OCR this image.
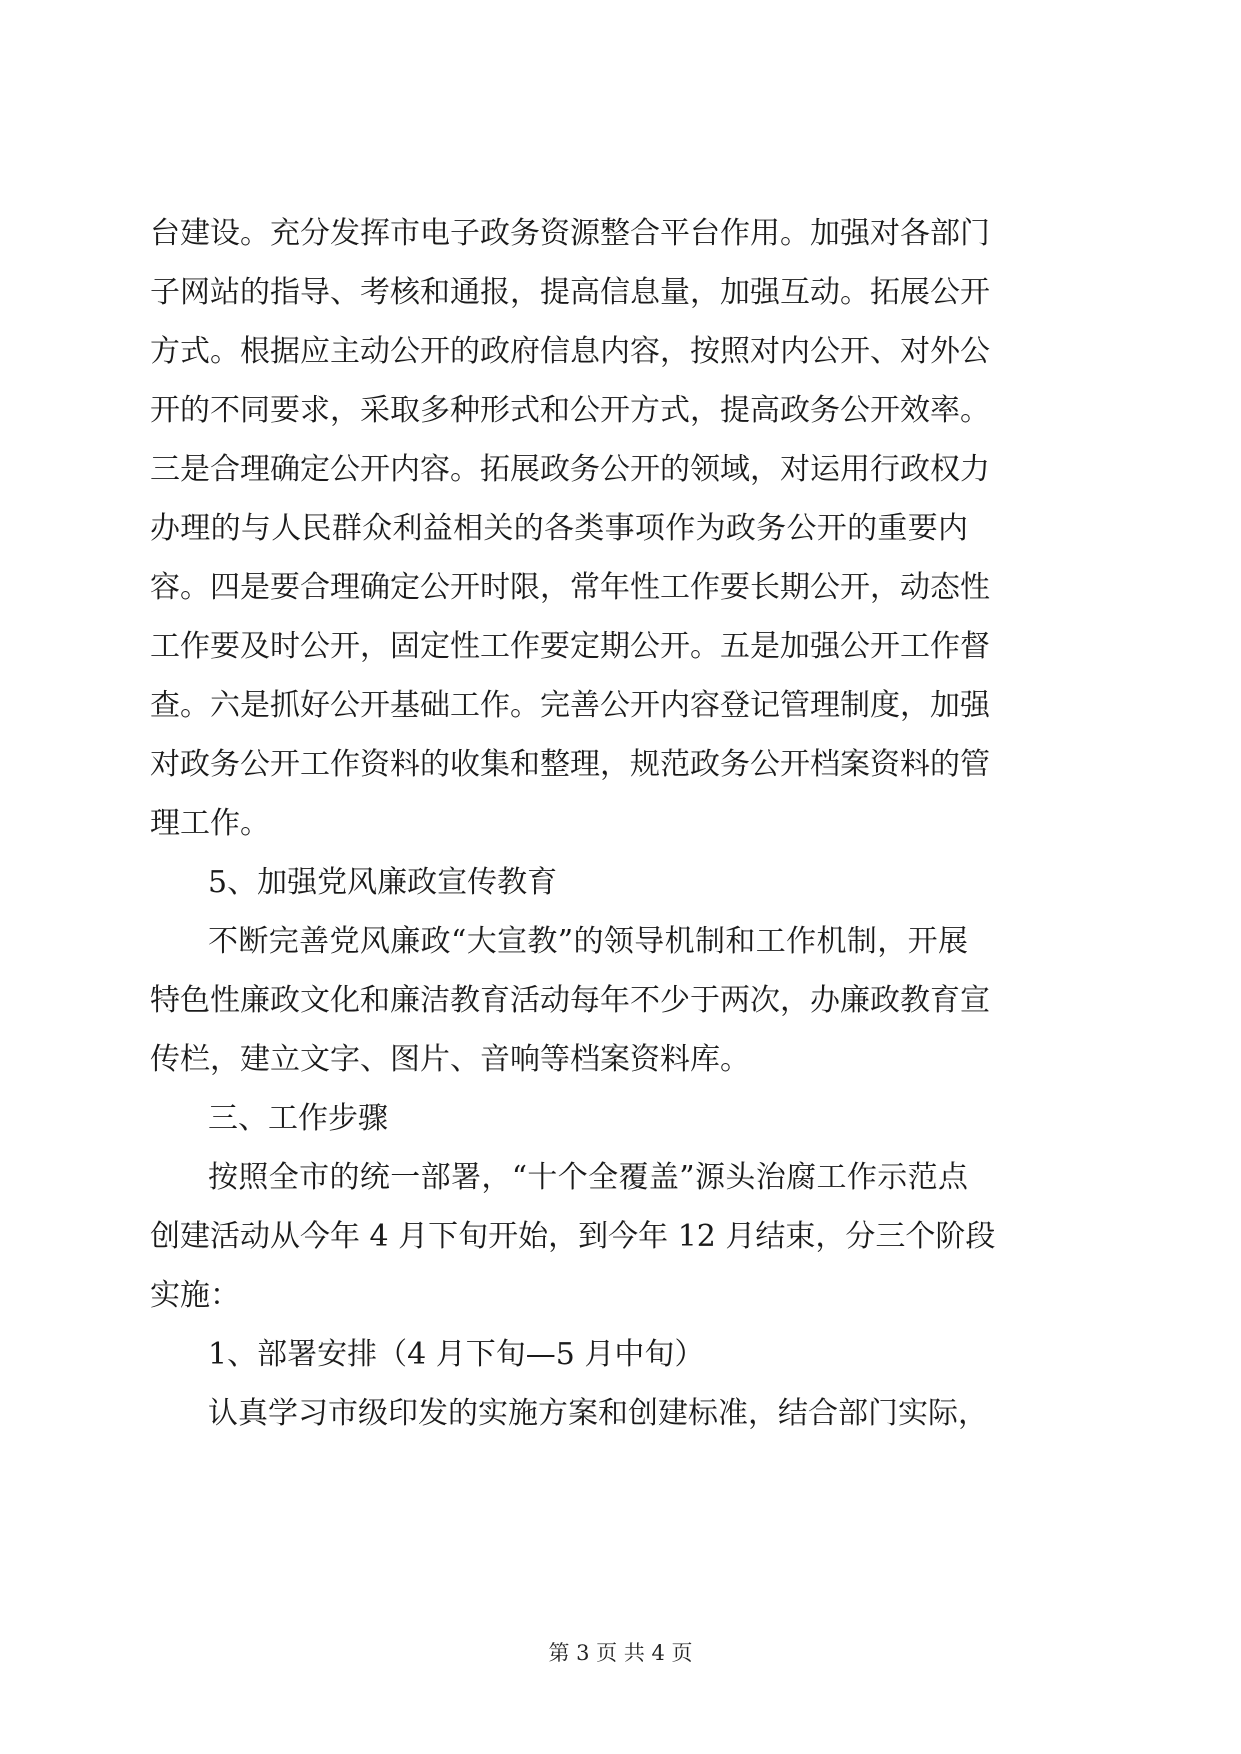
台建设。充分发挥市电子政务资源整合平台作用。加强对各部门
子网站的指导、考核和通报，提高信息量，加强互动。拓展公开
方式。根据应主动公开的政府信息内容，按照对内公开、对外公
开的不同要求，采取多种形式和公开方式，提高政务公开效率。
三是合理确定公开内容。拓展政务公开的领域，对运用行政权力
办理的与人民群众利益相关的各类事项作为政务公开的重要内
容。四是要合理确定公开时限，常年性工作要长期公开，动态性
工作要及时公开，固定性工作要定期公开。五是加强公开工作督
查。六是抓好公开基础工作。完善公开内容登记管理制度，加强
对政务公开工作资料的收集和整理，规范政务公开档案资料的管
理工作。
5、加强党风廉政宣传教育
不断完善党风廉政“大宣教”的领导机制和工作机制，开展
特色性廉政文化和廉洁教育活动每年不少于两次，办廉政教育宣
传栏，建立文字、图片、音响等档案资料库。
三、工作步骤
按照全市的统一部署，“十个全覆盖”源头治腐工作示范点
创建活动从今年 4 月下旬开始，到今年 12 月结束，分三个阶段
实施：
1、部署安排（4 月下旬—5 月中旬）
认真学习市级印发的实施方案和创建标准，结合部门实际，
第 3 页 共 4 页
